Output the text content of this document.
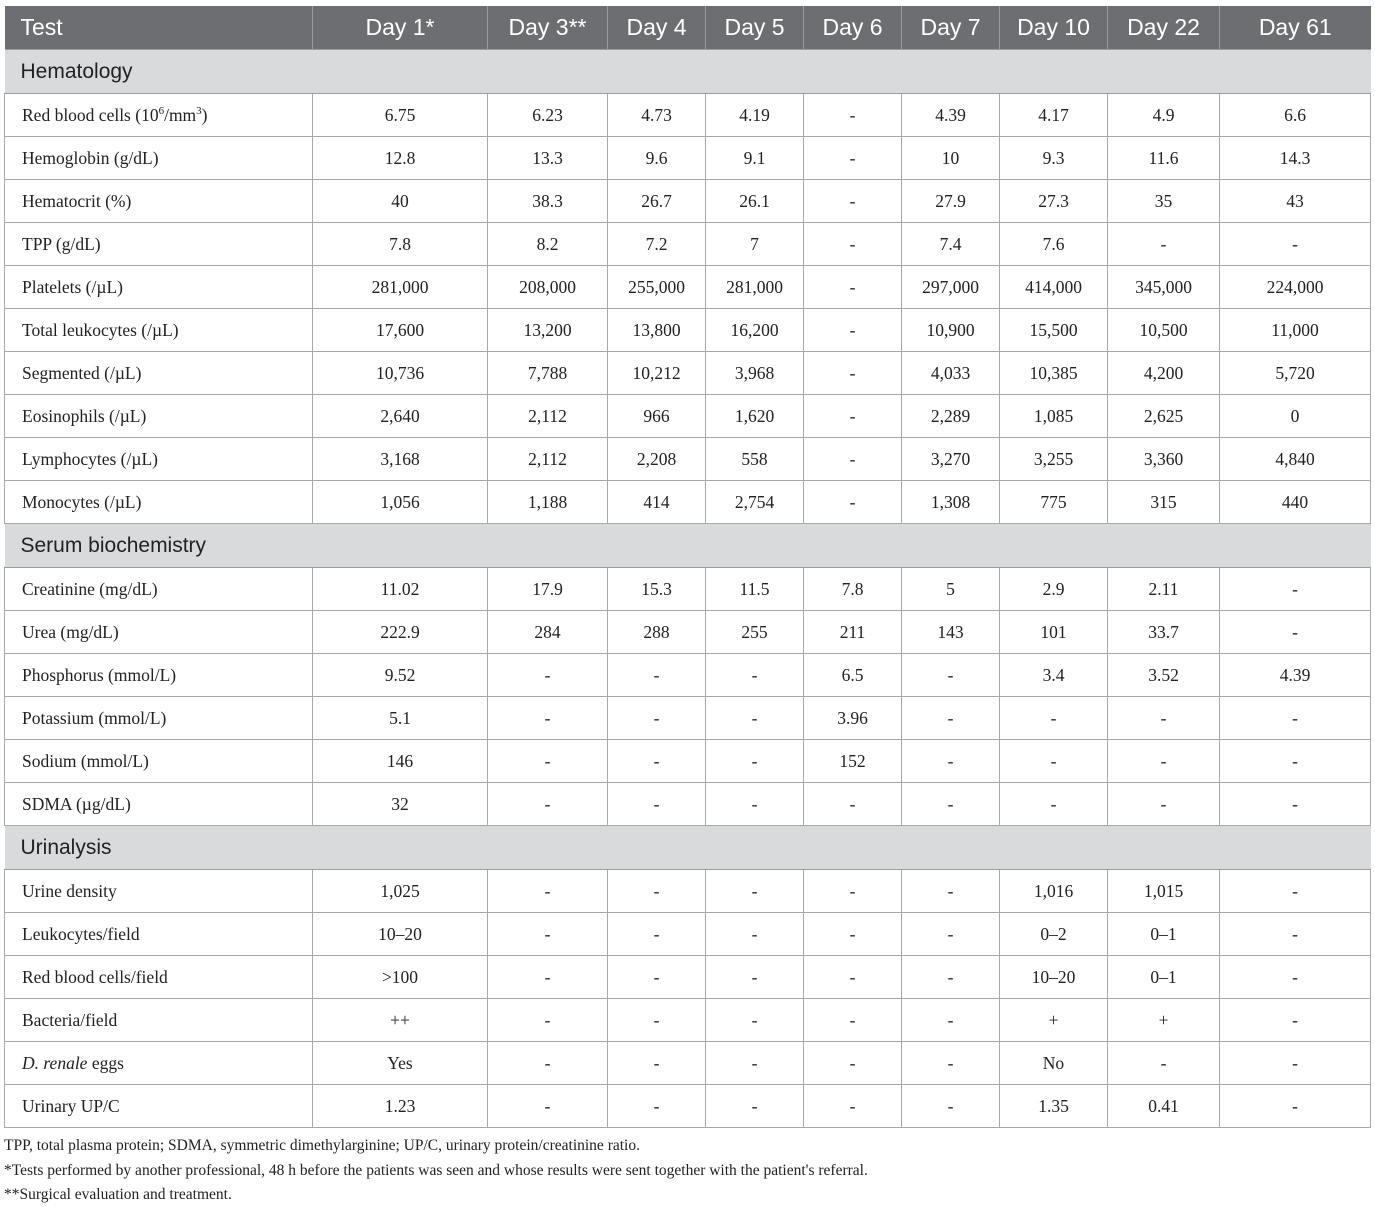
Test	Day 1*	Day 3**	Day 4	Day 5	Day 6	Day 7	Day 10	Day 22	Day 61
Hematology									
Red blood cells $(10^6/mm^3)$	6.75	6.23	4.73	4.19	-	4.39	4.17	4.9	6.6
Hemoglobin (g/dL)	12.8	13.3	9.6	9.1	-	10	9.3	11.6	14.3
Hematocrit (%)	40	38.3	26.7	26.1	-	27.9	27.3	35	43
TPP (g/dL)	7.8	8.2	7.2	7	-	7.4	7.6	-	-
Platelets (/µL)	281,000	208,000	255,000	281,000	-	297,000	414,000	345,000	224,000
Total leukocytes (/µL)	17,600	13,200	13,800	16,200	-	10,900	15,500	10,500	11,000
Segmented (/µL)	10,736	7,788	10,212	3,968	-	4,033	10,385	4,200	5,720
Eosinophils (/µL)	2,640	2,112	966	1,620	-	2,289	1,085	2,625	0
Lymphocytes (/µL)	3,168	2,112	2,208	558	-	3,270	3,255	3,360	4,840
Monocytes (/µL)	1,056	1,188	414	2,754	-	1,308	775	315	440
Serum biochemistry									
Creatinine (mg/dL)	11.02	17.9	15.3	11.5	7.8	5	2.9	2.11	-
Urea (mg/dL)	222.9	284	288	255	211	143	101	33.7	-
Phosphorus (mmol/L)	9.52	-	-	-	6.5	-	3.4	3.52	4.39
Potassium (mmol/L)	5.1	-	-	-	3.96	-	-	-	-
Sodium (mmol/L)	146	-	-	-	152	-	-	-	-
SDMA (µg/dL)	32	-	-	-	-	-	-	-	-
Urinalysis									
Urine density	1,025	-	-	-	-	-	1,016	1,015	-
Leukocytes/field	10–20	-	-	-	-	-	0–2	0–1	-
Red blood cells/field	>100	-	-	-	-	-	10–20	0–1	-
Bacteria/field	++	-	-	-	-	-	+	+	-
D. renale eggs	Yes	-	-	-	-	-	No	-	-
Urinary UP/C	1.23	-	-	-	-	-	1.35	0.41	-
TPP, total plasma protein; SDMA, symmetric dimethylarginine; UP/C, urinary protein/creatinine ratio.
*Tests performed by another professional, 48 h before the patients was seen and whose results were sent together with the patient's referral.
**Surgical evaluation and treatment.
